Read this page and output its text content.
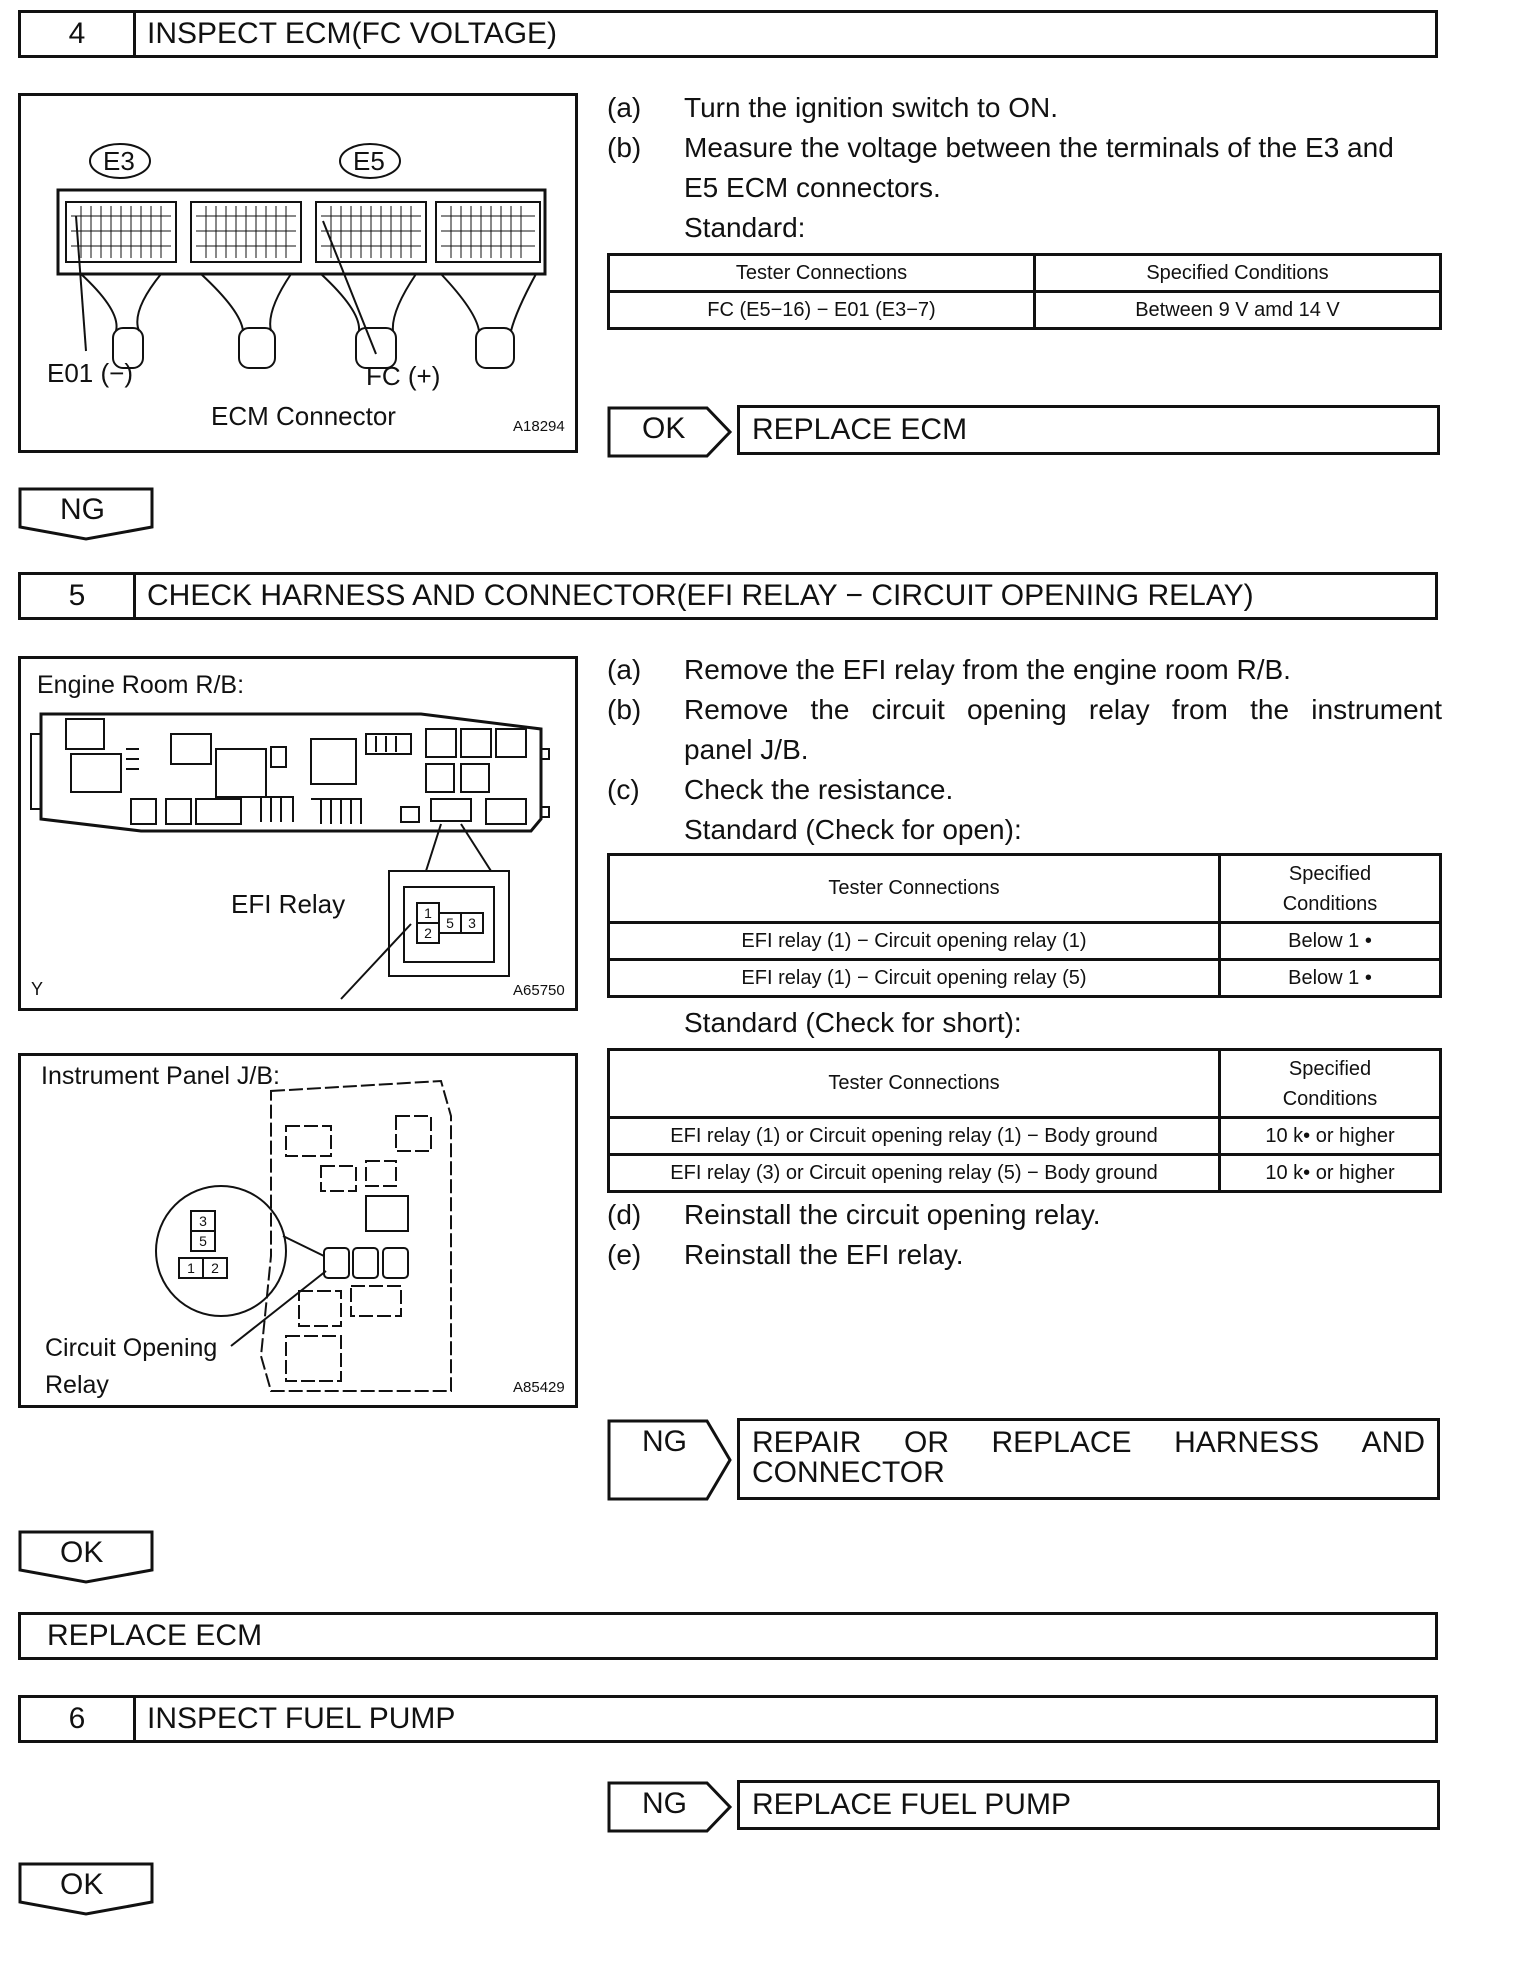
4	INSPECT ECM(FC VOLTAGE)
E3	E5
E01 (−)	FC (+)
ECM Connector	A18294
(a)	Turn the ignition switch to ON.
(b)	Measure the voltage between the terminals of the E3 and
E5 ECM connectors.
Standard:
Tester Connections	Specified Conditions
FC (E5−16) − E01 (E3−7)	Between 9 V amd 14 V
OK	REPLACE ECM
NG
5	CHECK HARNESS AND CONNECTOR(EFI RELAY − CIRCUIT OPENING RELAY)
1
2
5 3
Engine Room R/B:
EFI Relay
Y	A65750
3
5
1 2
Instrument Panel J/B:
Circuit Opening
Relay	A85429
(a)	Remove the EFI relay from the engine room R/B.
(b)	Remove the circuit opening relay from the instrument
panel J/B.
(c)	Check the resistance.
Standard (Check for open):
Tester Connections	Specified
Conditions
EFI relay (1) − Circuit opening relay (1)	Below 1 •
EFI relay (1) − Circuit opening relay (5)	Below 1 •
Standard (Check for short):
Tester Connections	Specified
Conditions
EFI relay (1) or Circuit opening relay (1) − Body ground	10 k• or higher
EFI relay (3) or Circuit opening relay (5) − Body ground	10 k• or higher
(d)	Reinstall the circuit opening relay.
(e)	Reinstall the EFI relay.
NG REPAIR OR REPLACE HARNESS AND
CONNECTOR
OK
REPLACE ECM
6	INSPECT FUEL PUMP
NG	REPLACE FUEL PUMP
OK
